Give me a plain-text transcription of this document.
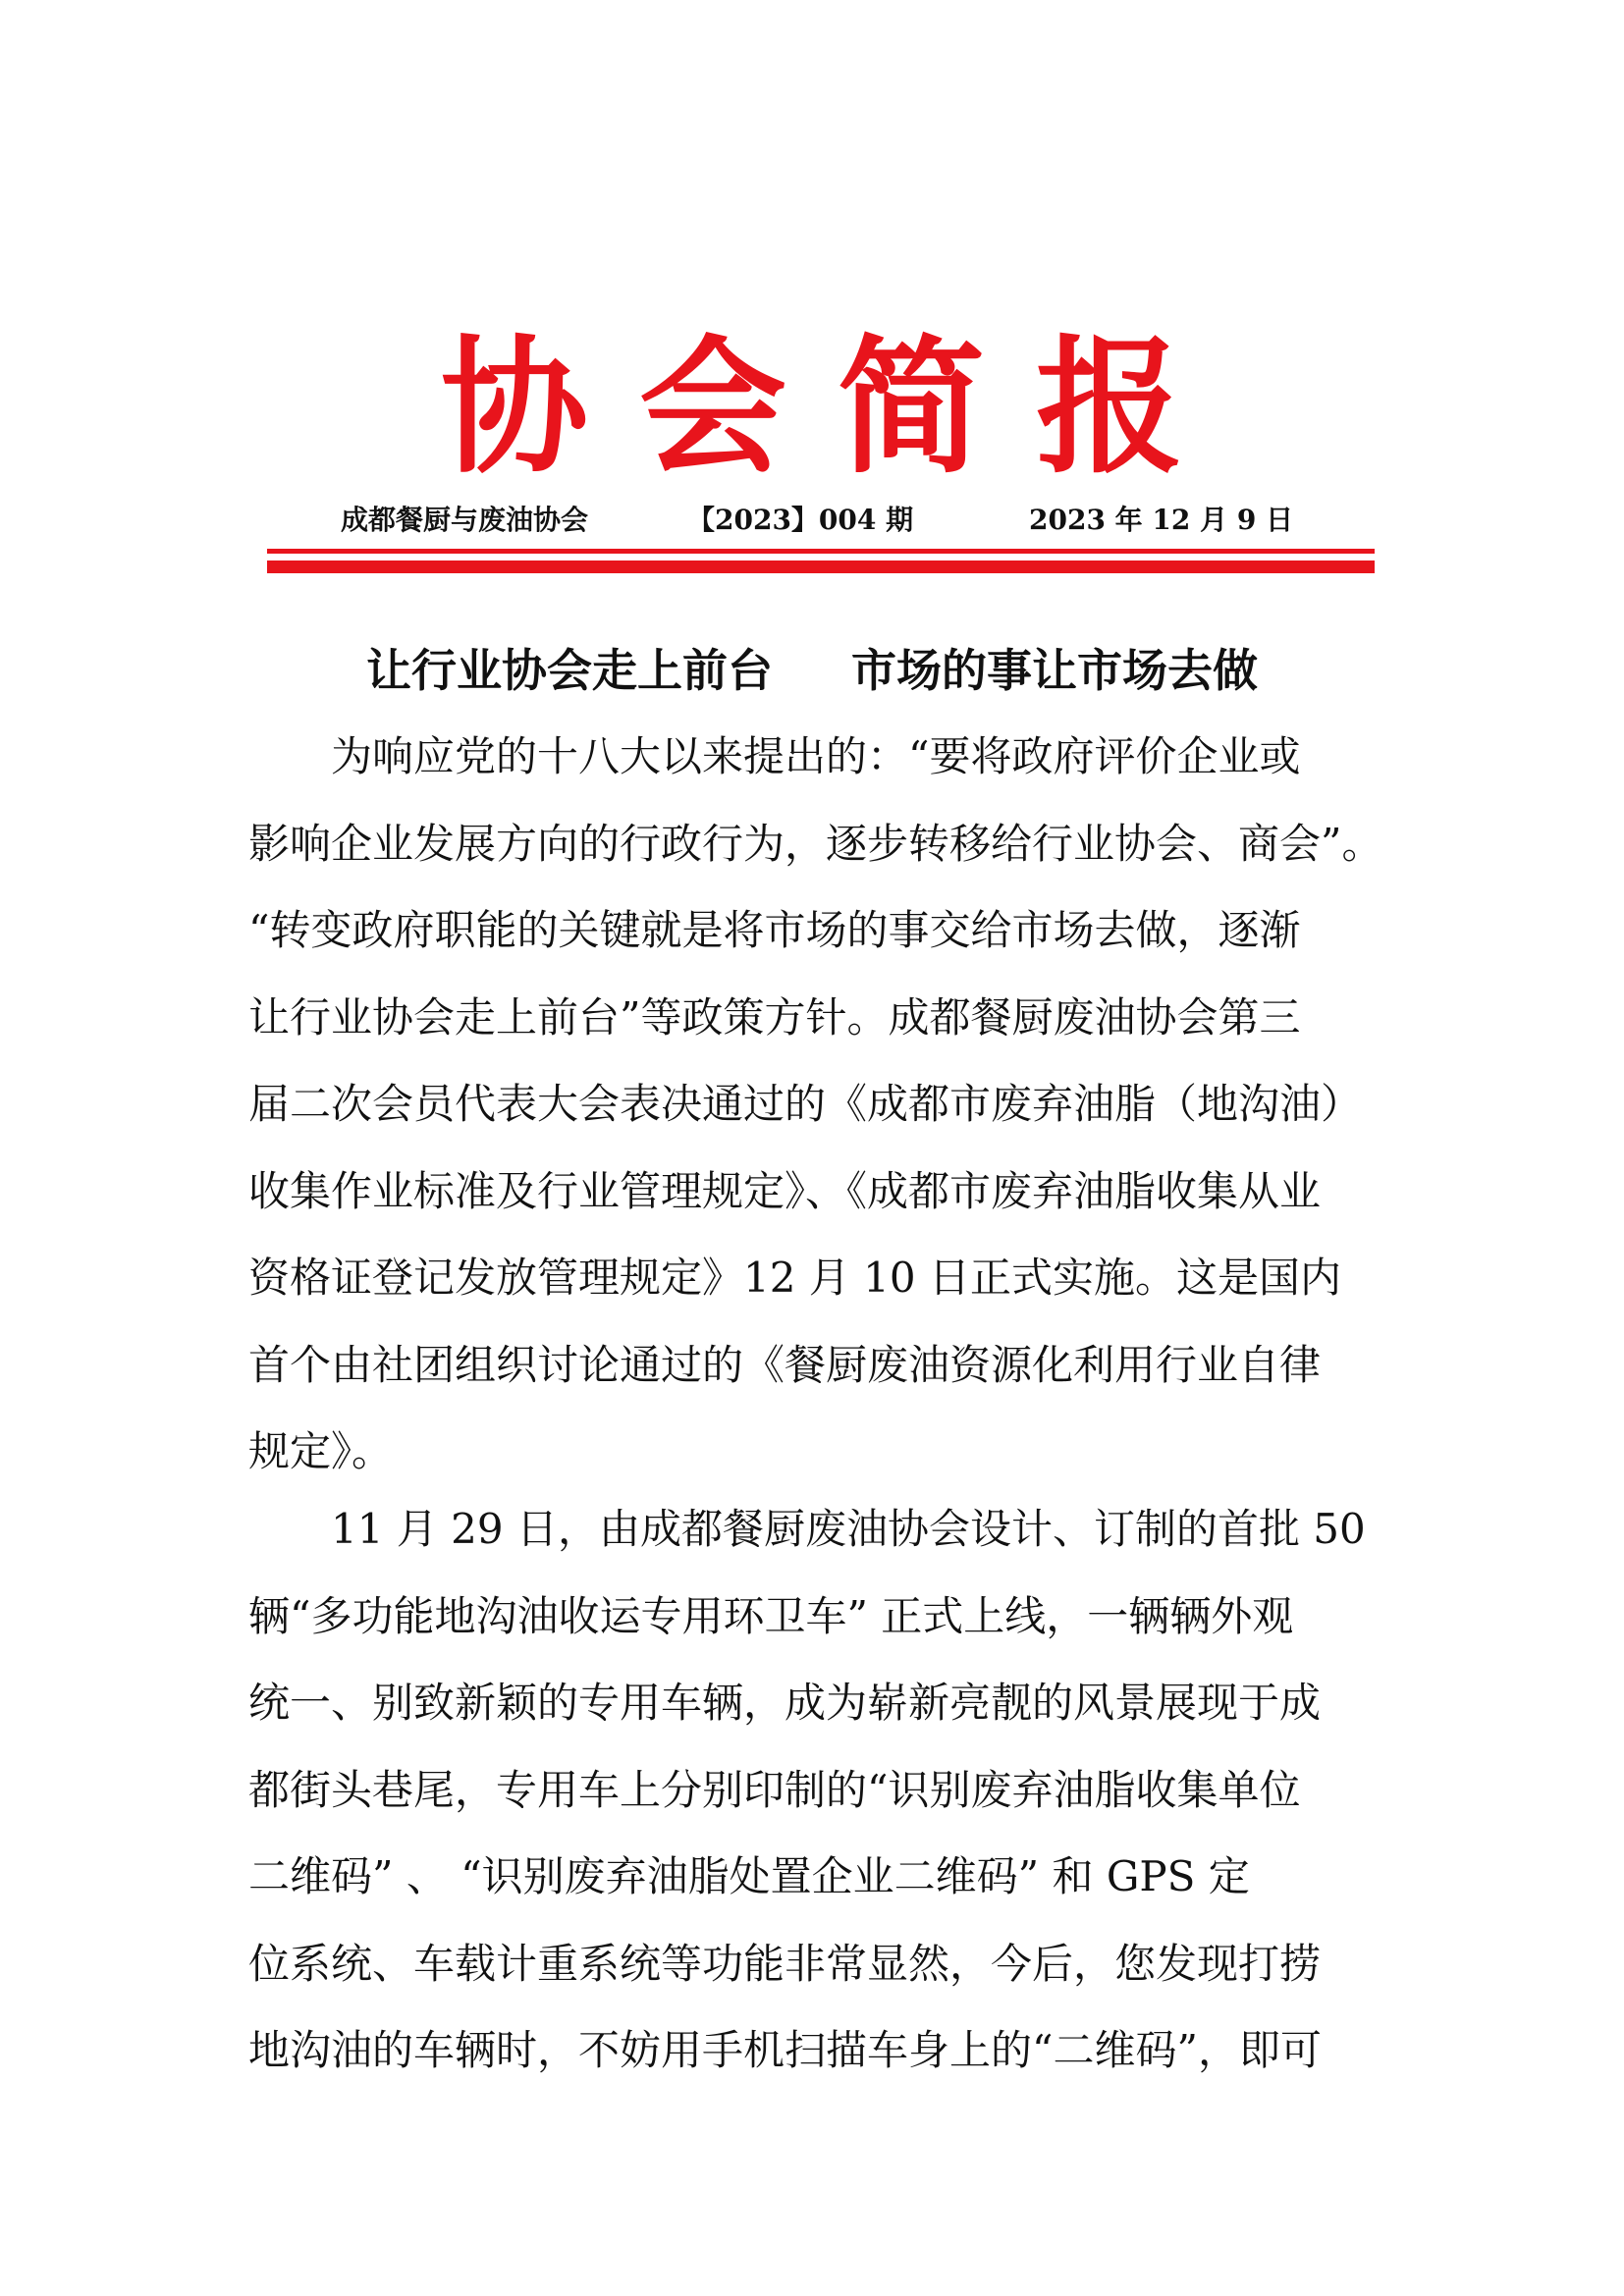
协会简报
成都餐厨与废油协会	【2023】004 期	2023 年 12 月 9 日
让行业协会走上前台 市场的事让市场去做
　　为响应党的十八大以来提出的：“要将政府评价企业或
影响企业发展方向的行政行为，逐步转移给行业协会、商会”。
“转变政府职能的关键就是将市场的事交给市场去做，逐渐
让行业协会走上前台”等政策方针。成都餐厨废油协会第三
届二次会员代表大会表决通过的《成都市废弃油脂（地沟油）
收集作业标准及行业管理规定》、《成都市废弃油脂收集从业
资格证登记发放管理规定》12 月 10 日正式实施。这是国内
首个由社团组织讨论通过的《餐厨废油资源化利用行业自律
规定》。
　　11 月 29 日，由成都餐厨废油协会设计、订制的首批 50
辆“多功能地沟油收运专用环卫车” 正式上线，一辆辆外观
统一、别致新颖的专用车辆，成为崭新亮靓的风景展现于成
都街头巷尾，专用车上分别印制的“识别废弃油脂收集单位
二维码” 、 “识别废弃油脂处置企业二维码” 和 GPS 定
位系统、车载计重系统等功能非常显然，今后，您发现打捞
地沟油的车辆时，不妨用手机扫描车身上的“二维码”，即可
